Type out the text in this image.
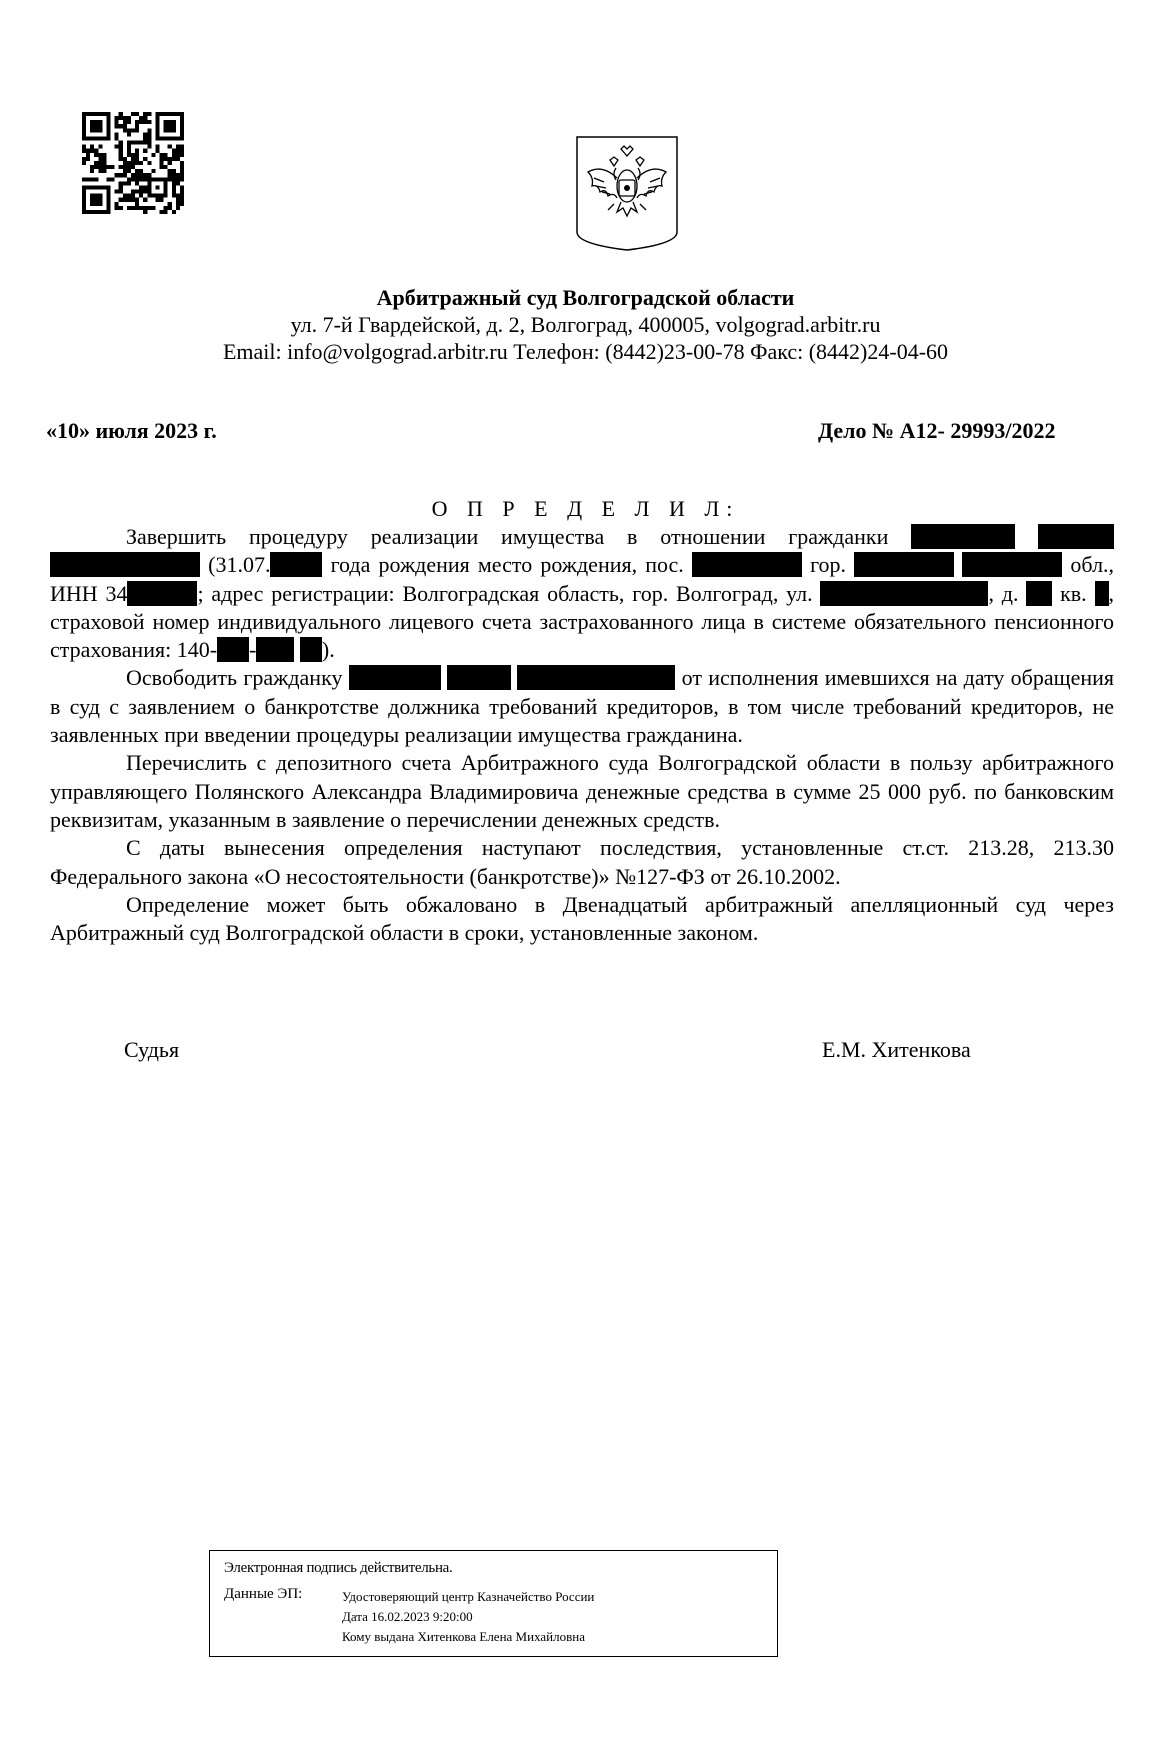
Арбитражный суд Волгоградской области
ул. 7-й Гвардейской, д. 2, Волгоград, 400005, volgograd.arbitr.ru
Email: info@volgograd.arbitr.ru Телефон: (8442)23-00-78 Факс: (8442)24-04-60
«10» июля 2023 г.	Дело № А12- 29993/2022
О П Р Е Д Е Л И Л:

Завершить процедуру реализации имущества в отношении гражданки    (31.07.	года рождения место рождения, пос.	гор.	обл., ИНН 34	; адрес регистрации: Волгоградская область, гор. Волгоград, ул.	, д. кв. , страховой номер индивидуального лицевого счета застрахованного лица в системе обязательного пенсионного страхования: 140- -	).

Освободить гражданку	от исполнения имевшихся на дату обращения в суд с заявлением о банкротстве должника требований кредиторов, в том числе требований кредиторов, не заявленных при введении процедуры реализации имущества гражданина.

Перечислить с депозитного счета Арбитражного суда Волгоградской области в пользу арбитражного управляющего Полянского Александра Владимировича денежные средства в сумме 25 000 руб. по банковским реквизитам, указанным в заявление о перечислении денежных средств.

С даты вынесения определения наступают последствия, установленные ст.ст. 213.28, 213.30 Федерального закона «О несостоятельности (банкротстве)» №127-ФЗ от 26.10.2002.

Определение может быть обжаловано в Двенадцатый арбитражный апелляционный суд через Арбитражный суд Волгоградской области в сроки, установленные законом.

Судья	Е.М. Хитенкова
Электронная подпись действительна.
Данные ЭП:	Удостоверяющий центр Казначейство России
Дата 16.02.2023 9:20:00
Кому выдана Хитенкова Елена Михайловна
